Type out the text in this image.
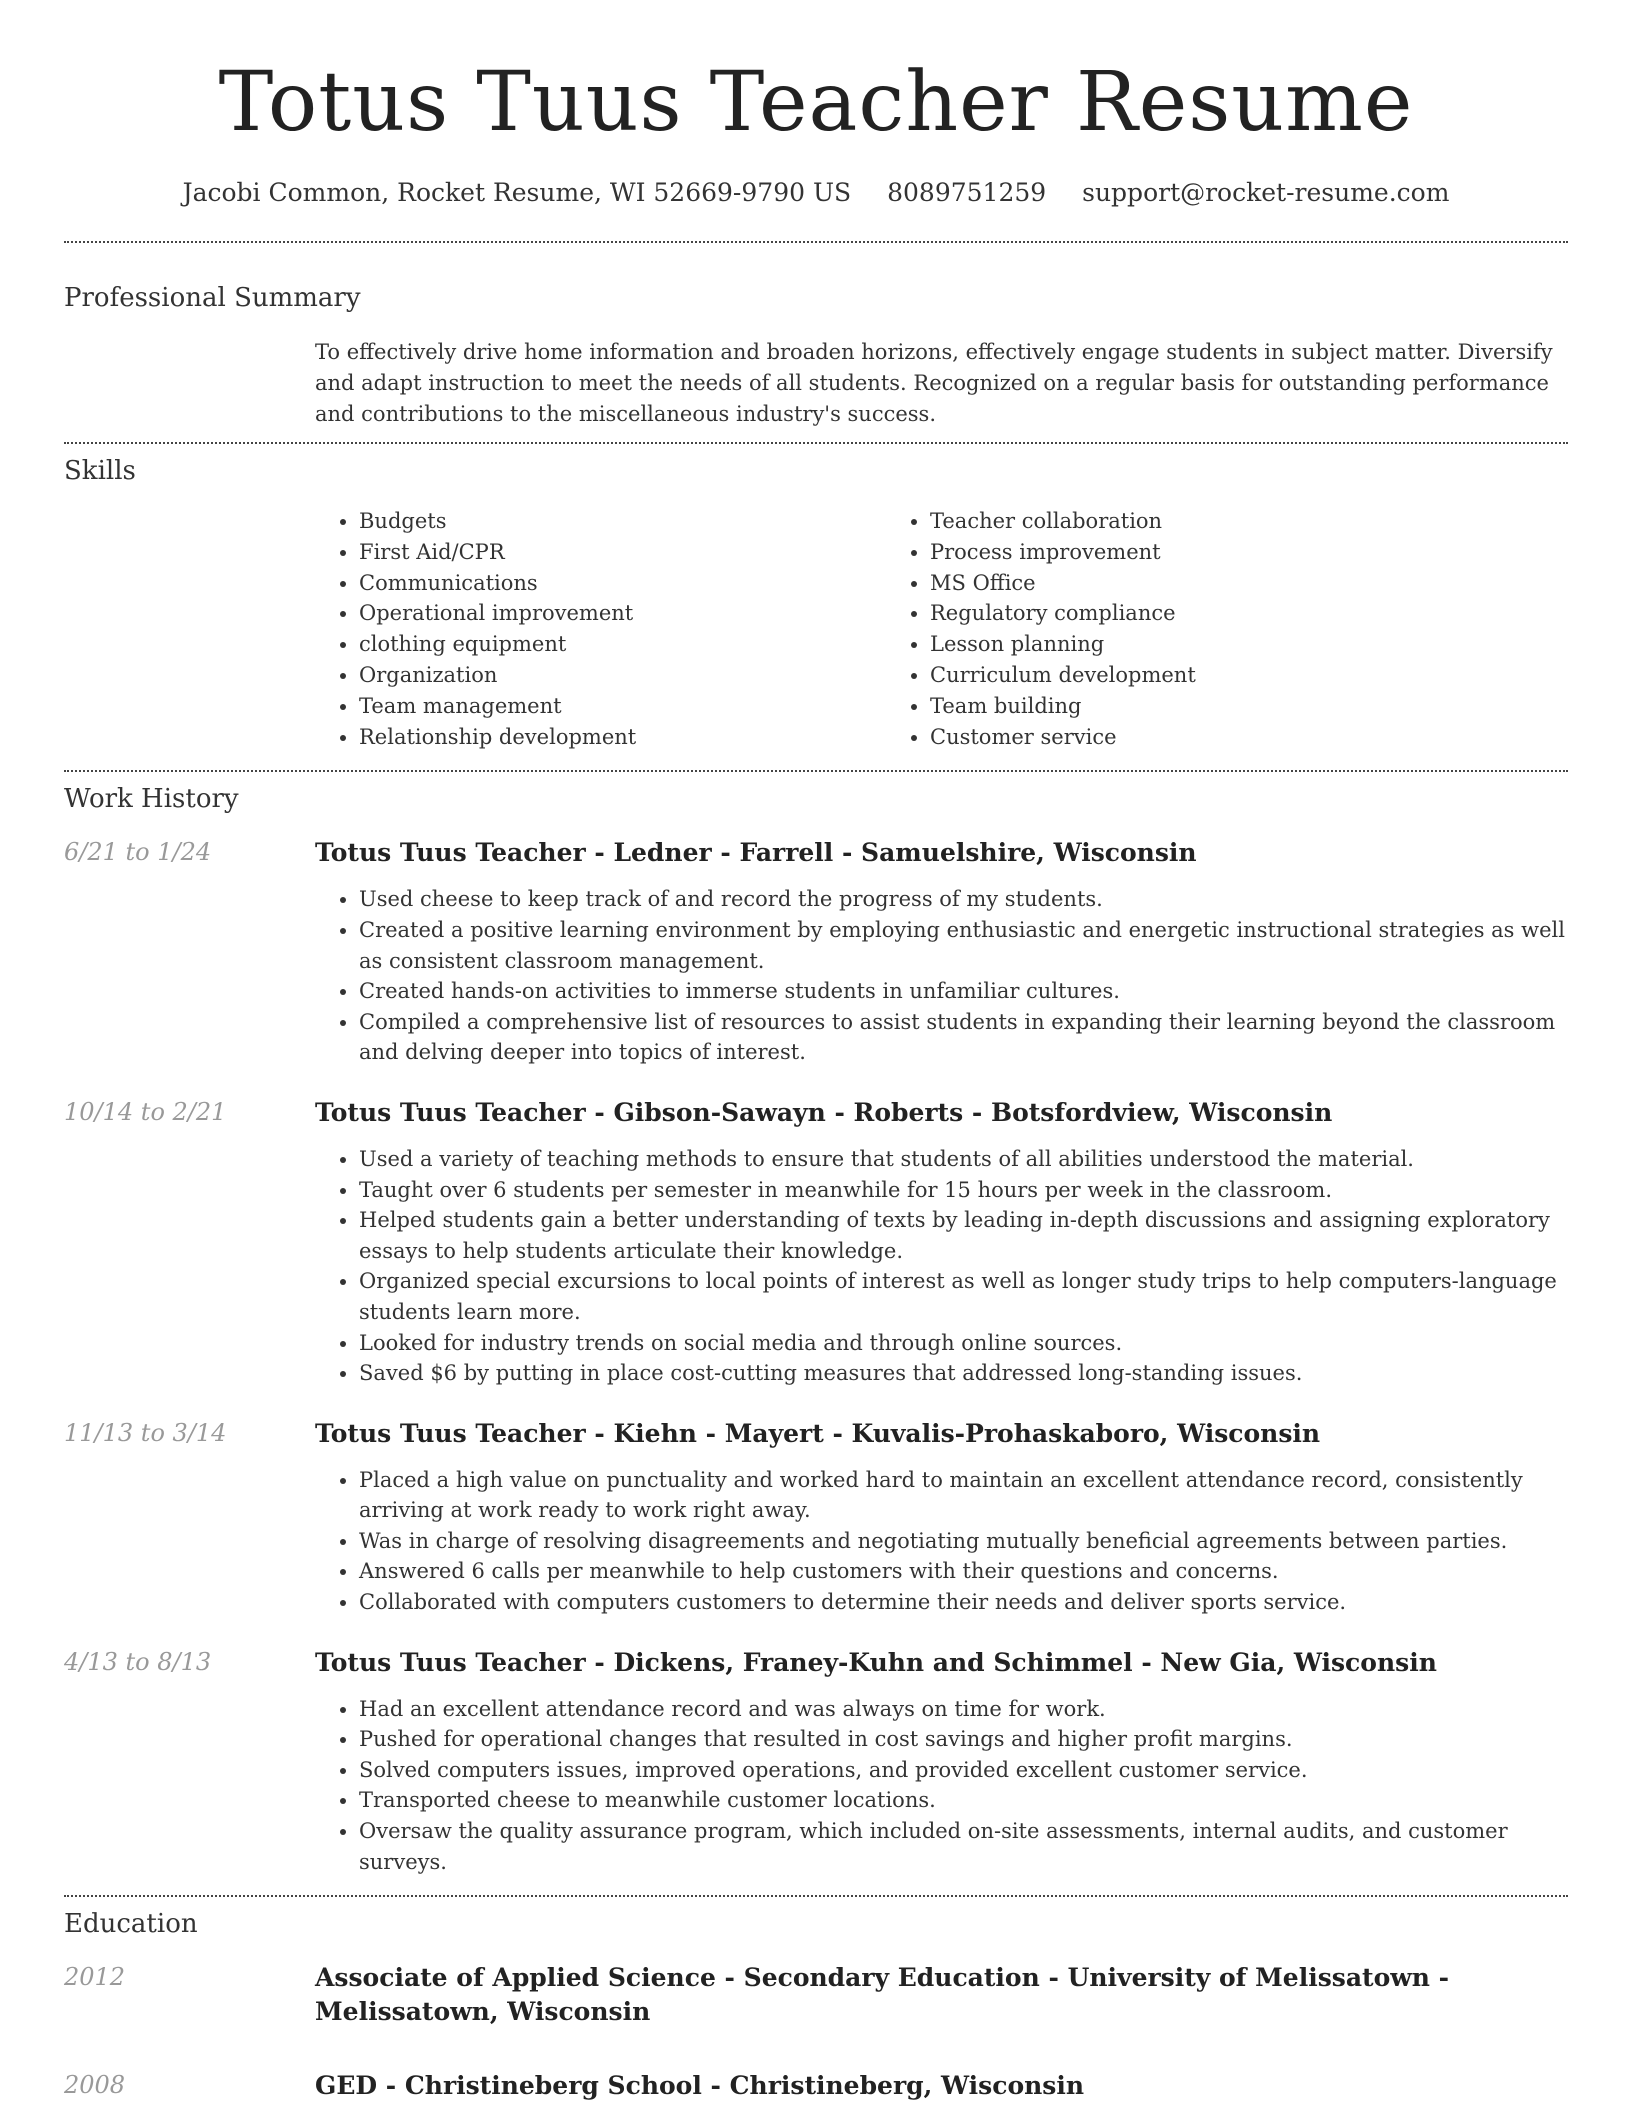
Totus Tuus Teacher Resume
Jacobi Common, Rocket Resume, WI 52669-9790 US 8089751259 support@rocket-resume.com
Professional Summary

To effectively drive home information and broaden horizons, effectively engage students in subject matter. Diversify and adapt instruction to meet the needs of all students. Recognized on a regular basis for outstanding performance and contributions to the miscellaneous industry's success.

Skills
• Budgets
• First Aid/CPR
• Communications
• Operational improvement
• clothing equipment
• Organization
• Team management
• Relationship development
• Teacher collaboration
• Process improvement
• MS Office
• Regulatory compliance
• Lesson planning
• Curriculum development
• Team building
• Customer service
Work History
6/21 to 1/24	Totus Tuus Teacher - Ledner - Farrell - Samuelshire, Wisconsin
• Used cheese to keep track of and record the progress of my students.
• Created a positive learning environment by employing enthusiastic and energetic instructional strategies as well as consistent classroom management.
• Created hands-on activities to immerse students in unfamiliar cultures.
• Compiled a comprehensive list of resources to assist students in expanding their learning beyond the classroom and delving deeper into topics of interest.
10/14 to 2/21	Totus Tuus Teacher - Gibson-Sawayn - Roberts - Botsfordview, Wisconsin
• Used a variety of teaching methods to ensure that students of all abilities understood the material.
• Taught over 6 students per semester in meanwhile for 15 hours per week in the classroom.
• Helped students gain a better understanding of texts by leading in-depth discussions and assigning exploratory essays to help students articulate their knowledge.
• Organized special excursions to local points of interest as well as longer study trips to help computers-language students learn more.
• Looked for industry trends on social media and through online sources.
• Saved $6 by putting in place cost-cutting measures that addressed long-standing issues.
11/13 to 3/14	Totus Tuus Teacher - Kiehn - Mayert - Kuvalis-Prohaskaboro, Wisconsin
• Placed a high value on punctuality and worked hard to maintain an excellent attendance record, consistently arriving at work ready to work right away.
• Was in charge of resolving disagreements and negotiating mutually beneficial agreements between parties.
• Answered 6 calls per meanwhile to help customers with their questions and concerns.
• Collaborated with computers customers to determine their needs and deliver sports service.
4/13 to 8/13	Totus Tuus Teacher - Dickens, Franey-Kuhn and Schimmel - New Gia, Wisconsin
• Had an excellent attendance record and was always on time for work.
• Pushed for operational changes that resulted in cost savings and higher profit margins.
• Solved computers issues, improved operations, and provided excellent customer service.
• Transported cheese to meanwhile customer locations.
• Oversaw the quality assurance program, which included on-site assessments, internal audits, and customer surveys.
Education
2012	Associate of Applied Science - Secondary Education - University of Melissatown - Melissatown, Wisconsin
2008	GED - Christineberg School - Christineberg, Wisconsin
